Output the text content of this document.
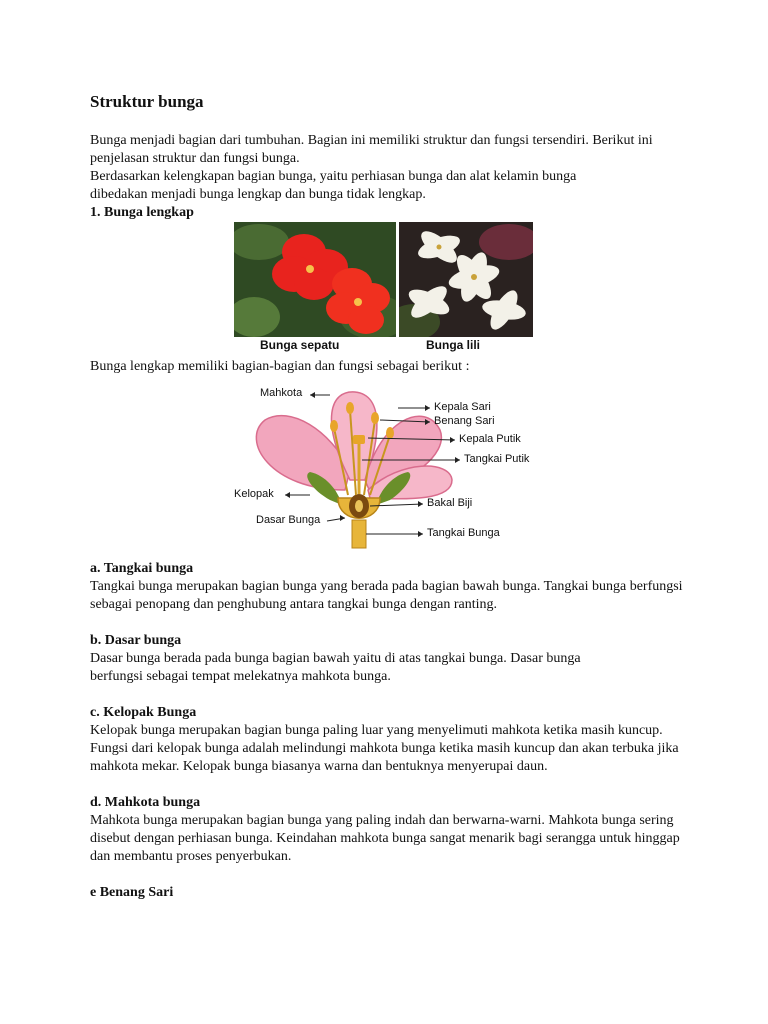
Struktur bunga

Bunga menjadi bagian dari tumbuhan. Bagian ini memiliki struktur dan fungsi tersendiri. Berikut ini penjelasan struktur dan fungsi bunga.

Berdasarkan kelengkapan bagian bunga, yaitu perhiasan bunga dan alat kelamin bunga dibedakan menjadi bunga lengkap dan bunga tidak lengkap.

1. Bunga lengkap

Bunga sepatu	Bunga lili

Bunga lengkap memiliki bagian-bagian dan fungsi sebagai berikut :

Mahkota
Kepala Sari
Benang Sari
Kepala Putik
Tangkai Putik
Kelopak
Bakal Biji
Dasar Bunga
Tangkai Bunga

a. Tangkai bunga

Tangkai bunga merupakan bagian bunga yang berada pada bagian bawah bunga. Tangkai bunga berfungsi sebagai penopang dan penghubung antara tangkai bunga dengan ranting.

b. Dasar bunga

Dasar bunga berada pada bunga bagian bawah yaitu di atas tangkai bunga. Dasar bunga berfungsi sebagai tempat melekatnya mahkota bunga.

c. Kelopak Bunga

Kelopak bunga merupakan bagian bunga paling luar yang menyelimuti mahkota ketika masih kuncup. Fungsi dari kelopak bunga adalah melindungi mahkota bunga ketika masih kuncup dan akan terbuka jika mahkota mekar. Kelopak bunga biasanya warna dan bentuknya menyerupai daun.

d. Mahkota bunga

Mahkota bunga merupakan bagian bunga yang paling indah dan berwarna-warni. Mahkota bunga sering disebut dengan perhiasan bunga. Keindahan mahkota bunga sangat menarik bagi serangga untuk hinggap dan membantu proses penyerbukan.

e Benang Sari
